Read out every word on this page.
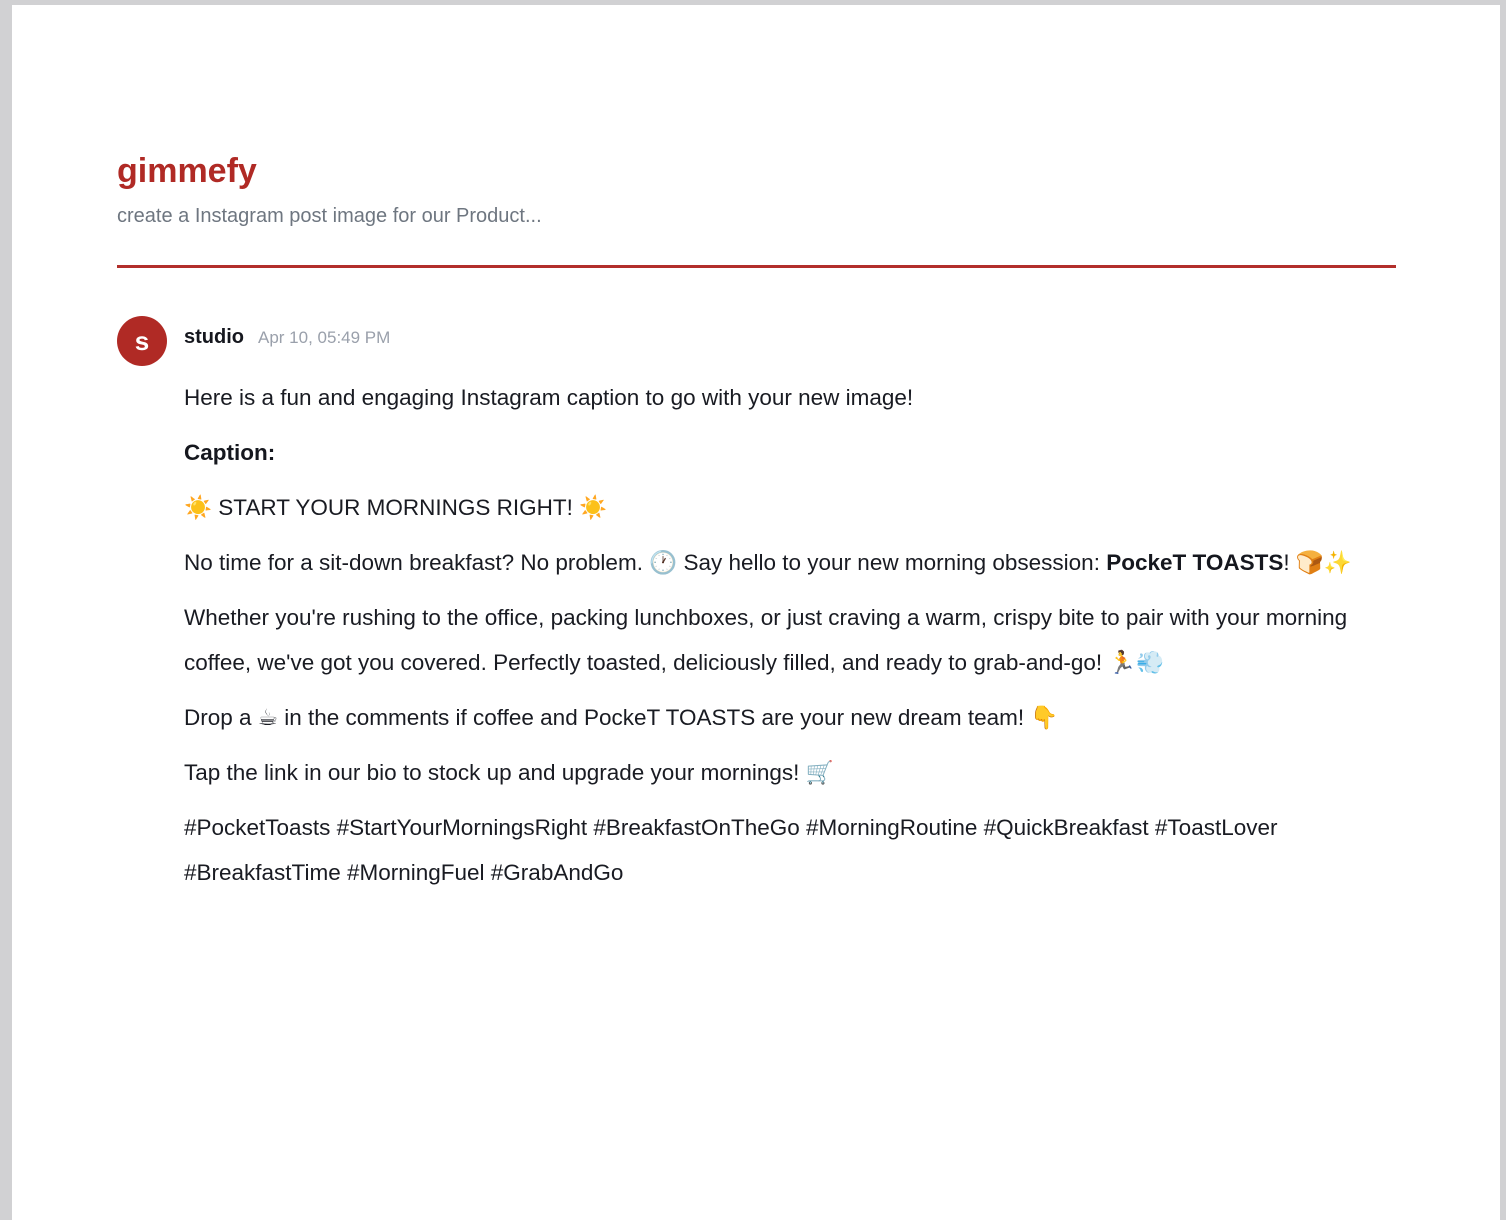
gimmefy

create a Instagram post image for our Product...

s studio Apr 10, 05:49 PM

Here is a fun and engaging Instagram caption to go with your new image!

Caption:

☀️ START YOUR MORNINGS RIGHT! ☀️

No time for a sit-down breakfast? No problem. 🕐 Say hello to your new morning obsession: PockeT TOASTS! 🍞✨

Whether you're rushing to the office, packing lunchboxes, or just craving a warm, crispy bite to pair with your morning coffee, we've got you covered. Perfectly toasted, deliciously filled, and ready to grab-and-go! 🏃💨

Drop a ☕ in the comments if coffee and PockeT TOASTS are your new dream team! 👇

Tap the link in our bio to stock up and upgrade your mornings! 🛒

#PocketToasts #StartYourMorningsRight #BreakfastOnTheGo #MorningRoutine #QuickBreakfast #ToastLover #BreakfastTime #MorningFuel #GrabAndGo
